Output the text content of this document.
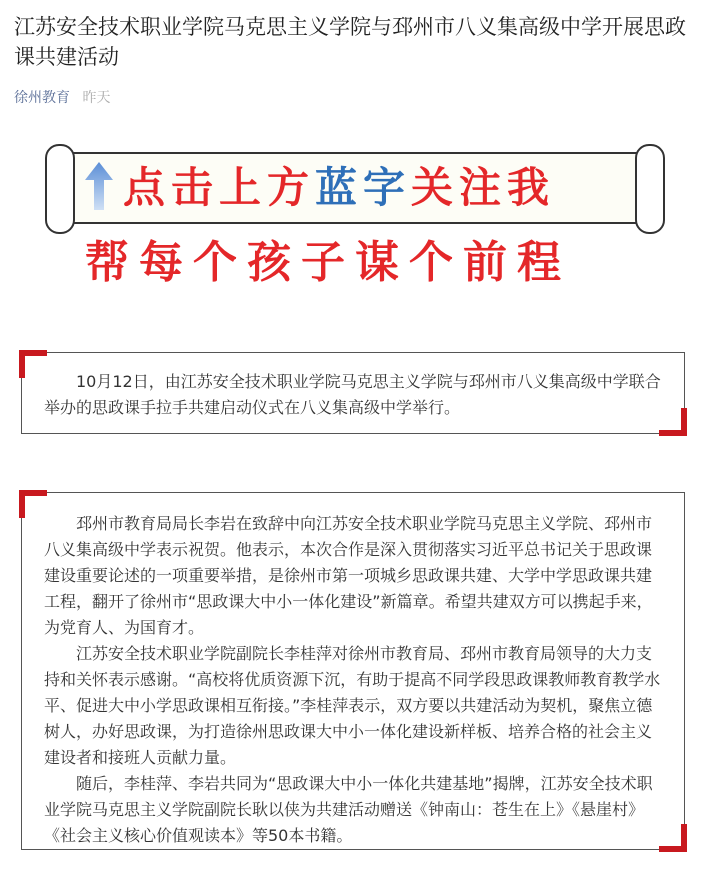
江苏安全技术职业学院马克思主义学院与邳州市八义集高级中学开展思政课共建活动
徐州教育 昨天
点击上方蓝字关注我
帮每个孩子谋个前程

10月12日，由江苏安全技术职业学院马克思主义学院与邳州市八义集高级中学联合举办的思政课手拉手共建启动仪式在八义集高级中学举行。

邳州市教育局局长李岩在致辞中向江苏安全技术职业学院马克思主义学院、邳州市八义集高级中学表示祝贺。他表示，本次合作是深入贯彻落实习近平总书记关于思政课建设重要论述的一项重要举措，是徐州市第一项城乡思政课共建、大学中学思政课共建工程，翻开了徐州市“思政课大中小一体化建设”新篇章。希望共建双方可以携起手来，为党育人、为国育才。

江苏安全技术职业学院副院长李桂萍对徐州市教育局、邳州市教育局领导的大力支持和关怀表示感谢。“高校将优质资源下沉，有助于提高不同学段思政课教师教育教学水平、促进大中小学思政课相互衔接。”李桂萍表示，双方要以共建活动为契机，聚焦立德树人，办好思政课，为打造徐州思政课大中小一体化建设新样板、培养合格的社会主义建设者和接班人贡献力量。

随后，李桂萍、李岩共同为“思政课大中小一体化共建基地”揭牌，江苏安全技术职业学院马克思主义学院副院长耿以侠为共建活动赠送《钟南山：苍生在上》《悬崖村》《社会主义核心价值观读本》等50本书籍。
